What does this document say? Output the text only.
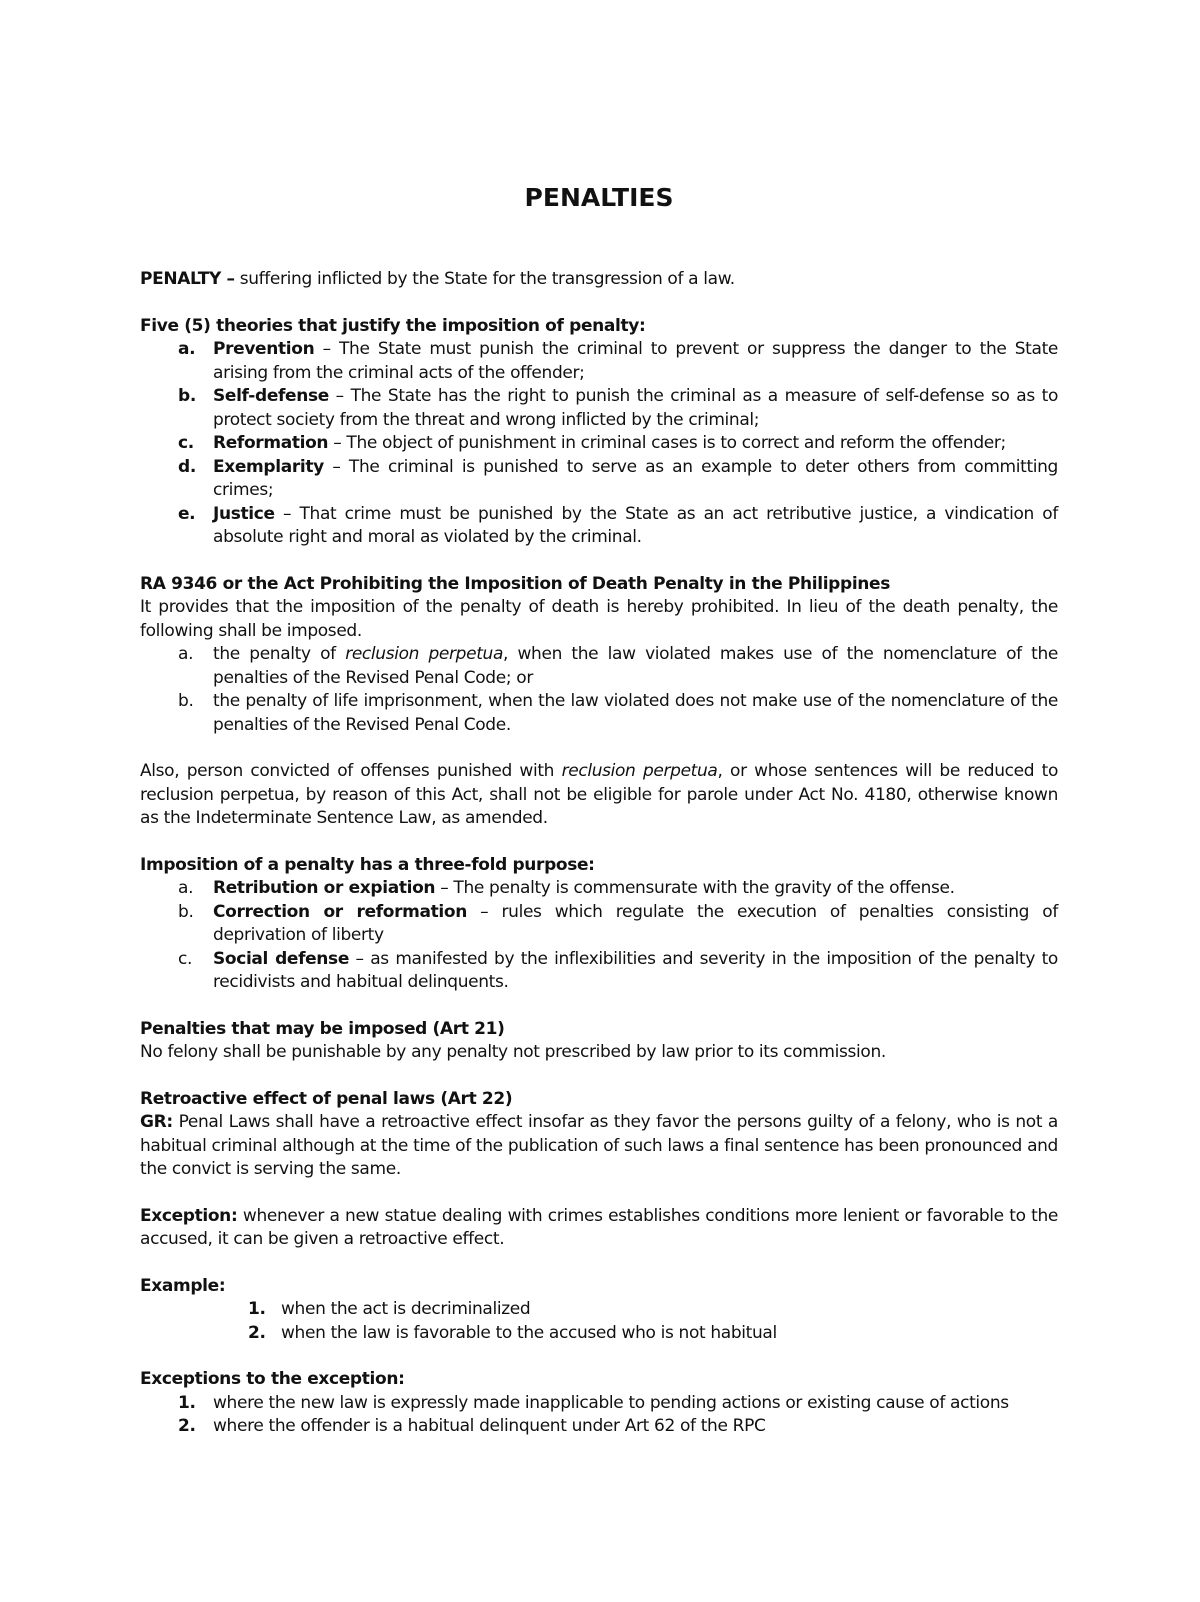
PENALTIES

PENALTY – suffering inflicted by the State for the transgression of a law.

Five (5) theories that justify the imposition of penalty:

a. Prevention – The State must punish the criminal to prevent or suppress the danger to the State arising from the criminal acts of the offender;
b. Self-defense – The State has the right to punish the criminal as a measure of self-defense so as to protect society from the threat and wrong inflicted by the criminal;
c. Reformation – The object of punishment in criminal cases is to correct and reform the offender;
d. Exemplarity – The criminal is punished to serve as an example to deter others from committing crimes;
e. Justice – That crime must be punished by the State as an act retributive justice, a vindication of absolute right and moral as violated by the criminal.

RA 9346 or the Act Prohibiting the Imposition of Death Penalty in the Philippines

It provides that the imposition of the penalty of death is hereby prohibited. In lieu of the death penalty, the following shall be imposed.

a. the penalty of reclusion perpetua, when the law violated makes use of the nomenclature of the penalties of the Revised Penal Code; or
b. the penalty of life imprisonment, when the law violated does not make use of the nomenclature of the penalties of the Revised Penal Code.

Also, person convicted of offenses punished with reclusion perpetua, or whose sentences will be reduced to reclusion perpetua, by reason of this Act, shall not be eligible for parole under Act No. 4180, otherwise known as the Indeterminate Sentence Law, as amended.

Imposition of a penalty has a three-fold purpose:

a. Retribution or expiation – The penalty is commensurate with the gravity of the offense.
b. Correction or reformation – rules which regulate the execution of penalties consisting of deprivation of liberty
c. Social defense – as manifested by the inflexibilities and severity in the imposition of the penalty to recidivists and habitual delinquents.

Penalties that may be imposed (Art 21)

No felony shall be punishable by any penalty not prescribed by law prior to its commission.

Retroactive effect of penal laws (Art 22)

GR: Penal Laws shall have a retroactive effect insofar as they favor the persons guilty of a felony, who is not a habitual criminal although at the time of the publication of such laws a final sentence has been pronounced and the convict is serving the same.

Exception: whenever a new statue dealing with crimes establishes conditions more lenient or favorable to the accused, it can be given a retroactive effect.

Example:

1. when the act is decriminalized
2. when the law is favorable to the accused who is not habitual

Exceptions to the exception:

1. where the new law is expressly made inapplicable to pending actions or existing cause of actions
2. where the offender is a habitual delinquent under Art 62 of the RPC
